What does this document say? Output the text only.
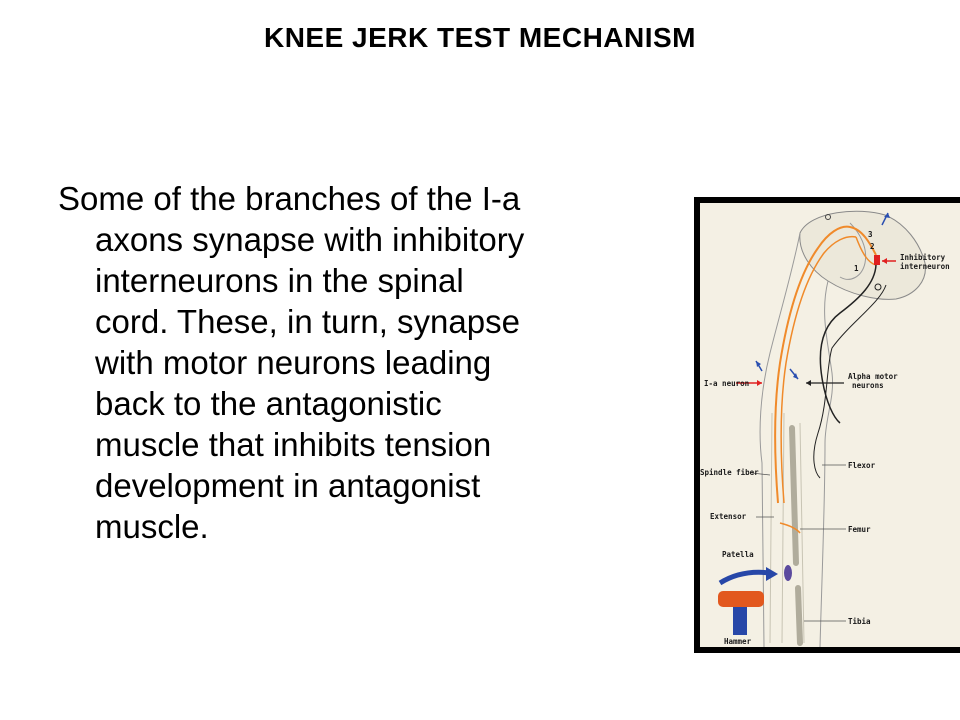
KNEE JERK TEST MECHANISM
Some of the branches of the I-a
axons synapse with inhibitory
interneurons in the spinal
cord. These, in turn, synapse
with motor neurons leading
back to the antagonistic
muscle that inhibits tension
development in antagonist
muscle.
3
2
1
Inhibitory
interneuron
I-a neuron
Alpha motor
neurons
Spindle fiber
Flexor
Extensor
Femur
Patella
Tibia
Hammer
